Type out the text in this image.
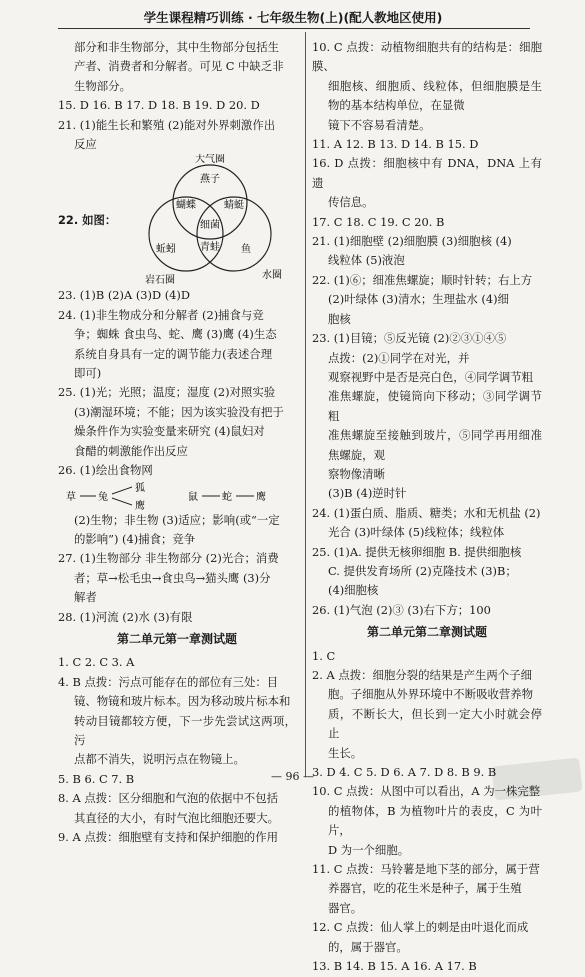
学生课程精巧训练 · 七年级生物(上)(配人教地区使用)

部分和非生物部分，其中生物部分包括生

产者、消费者和分解者。可见 C 中缺乏非

生物部分。

15. D 16. B 17. D 18. B 19. D 20. D

21. (1)能生长和繁殖 (2)能对外界刺激作出

反应

22. 如图：
大气圈
燕子
蝴蝶	蜻蜓
细菌
青蛙 鱼
蚯蚓
水圈
岩石圈

23. (1)B (2)A (3)D (4)D

24. (1)非生物成分和分解者 (2)捕食与竞

争；蜘蛛 食虫鸟、蛇、鹰 (3)鹰 (4)生态

系统自身具有一定的调节能力(表述合理

即可)

25. (1)光；光照；温度；湿度 (2)对照实验

(3)潮湿环境；不能；因为该实验没有把于

燥条件作为实验变量来研究 (4)鼠妇对

食醋的刺激能作出反应

26. (1)绘出食物网

草 兔
狐
鹰
鼠 蛇 鹰

(2)生物；非生物 (3)适应；影响(或“一定

的影响”) (4)捕食；竞争

27. (1)生物部分 非生物部分 (2)光合；消费

者；草→松毛虫→食虫鸟→猫头鹰 (3)分

解者

28. (1)河流 (2)水 (3)有限

第二单元第一章测试题

1. C 2. C 3. A

4. B 点拨：污点可能存在的部位有三处：目

镜、物镜和玻片标本。因为移动玻片标本和

转动目镜都较方便，下一步先尝试这两项，污

点都不消失，说明污点在物镜上。

5. B 6. C 7. B

8. A 点拨：区分细胞和气泡的依据中不包括

其直径的大小，有时气泡比细胞还要大。

9. A 点拨：细胞壁有支持和保护细胞的作用

10. C 点拨：动植物细胞共有的结构是：细胞膜、

细胞核、细胞质、线粒体，但细胞膜是生物的基本结构单位，在显微

镜下不容易看清楚。

11. A 12. B 13. D 14. B 15. D

16. D 点拨：细胞核中有 DNA，DNA 上有遗

传信息。

17. C 18. C 19. C 20. B

21. (1)细胞壁 (2)细胞膜 (3)细胞核 (4)

线粒体 (5)液泡

22. (1)⑥；细准焦螺旋；顺时针转；右上方

(2)叶绿体 (3)清水；生理盐水 (4)细

胞核

23. (1)目镜；⑤反光镜 (2)②③①④⑤

点拨：(2)①同学在对光，并

观察视野中是否是亮白色，④同学调节粗

准焦螺旋，使镜筒向下移动；③同学调节粗

准焦螺旋至接触到玻片，⑤同学再用细准焦螺旋，观

察物像清晰

(3)B (4)逆时针

24. (1)蛋白质、脂质、糖类；水和无机盐 (2)

光合 (3)叶绿体 (5)线粒体；线粒体

25. (1)A. 提供无核卵细胞 B. 提供细胞核

C. 提供发育场所 (2)克隆技术 (3)B；

(4)细胞核

26. (1)气泡 (2)③ (3)右下方；100

第二单元第二章测试题

1. C

2. A 点拨：细胞分裂的结果是产生两个子细

胞。子细胞从外界环境中不断吸收营养物

质，不断长大，但长到一定大小时就会停止

生长。

3. D 4. C 5. D 6. A 7. D 8. B 9. B

10. C 点拨：从图中可以看出，A 为一株完整

的植物体，B 为植物叶片的表皮，C 为叶片，

D 为一个细胞。

11. C 点拨：马铃薯是地下茎的部分，属于营

养器官，吃的花生米是种子，属于生殖

器官。

12. C 点拨：仙人掌上的刺是由叶退化而成

的，属于器官。

13. B 14. B 15. A 16. A 17. B

— 96 —
